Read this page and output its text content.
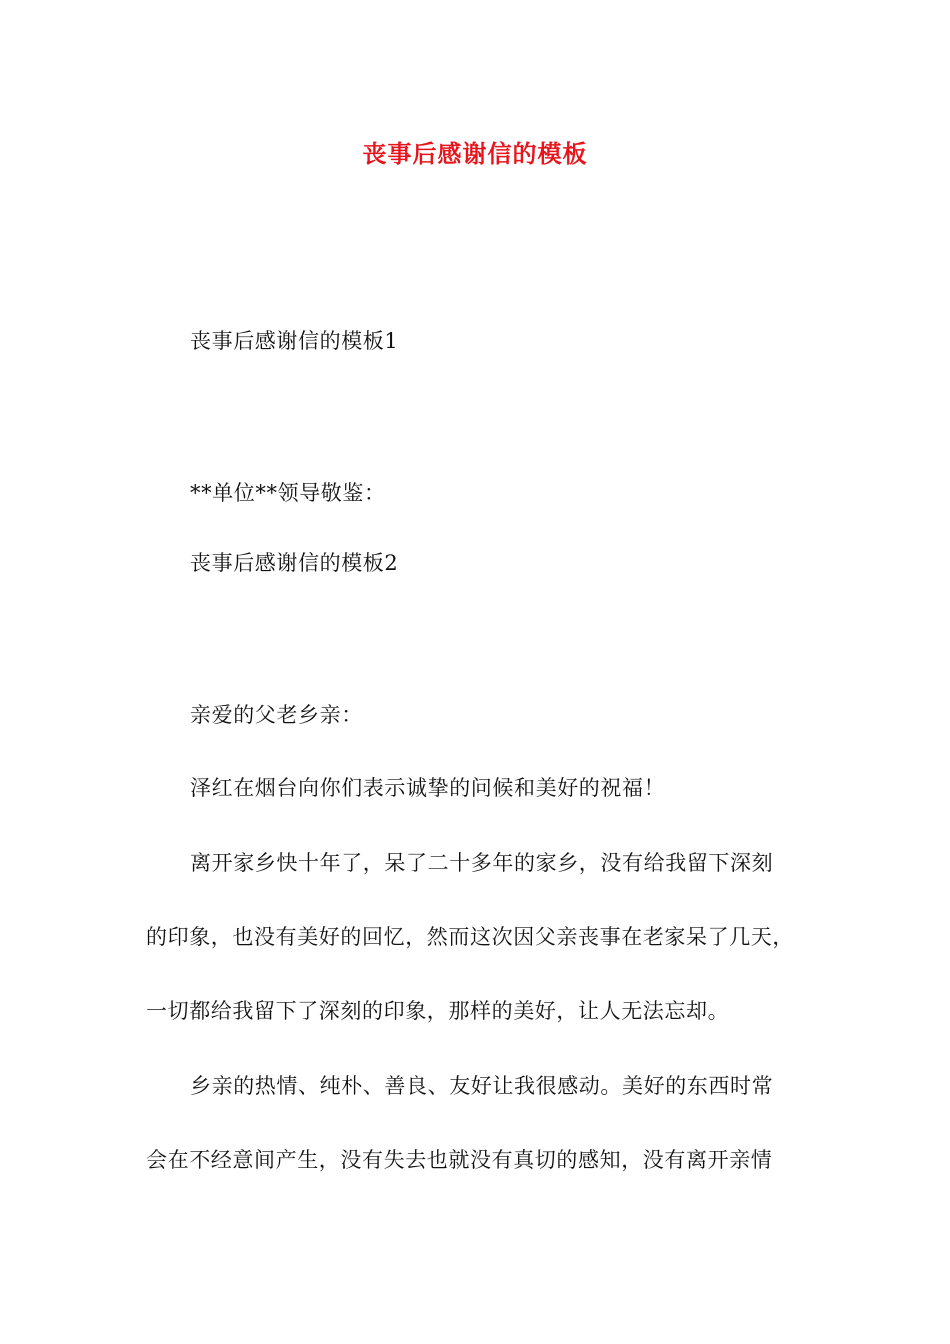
丧事后感谢信的模板
丧事后感谢信的模板1
**单位**领导敬鉴：
丧事后感谢信的模板2
亲爱的父老乡亲：
泽红在烟台向你们表示诚挚的问候和美好的祝福！
离开家乡快十年了，呆了二十多年的家乡，没有给我留下深刻
的印象，也没有美好的回忆，然而这次因父亲丧事在老家呆了几天，
一切都给我留下了深刻的印象，那样的美好，让人无法忘却。
乡亲的热情、纯朴、善良、友好让我很感动。美好的东西时常
会在不经意间产生，没有失去也就没有真切的感知，没有离开亲情
